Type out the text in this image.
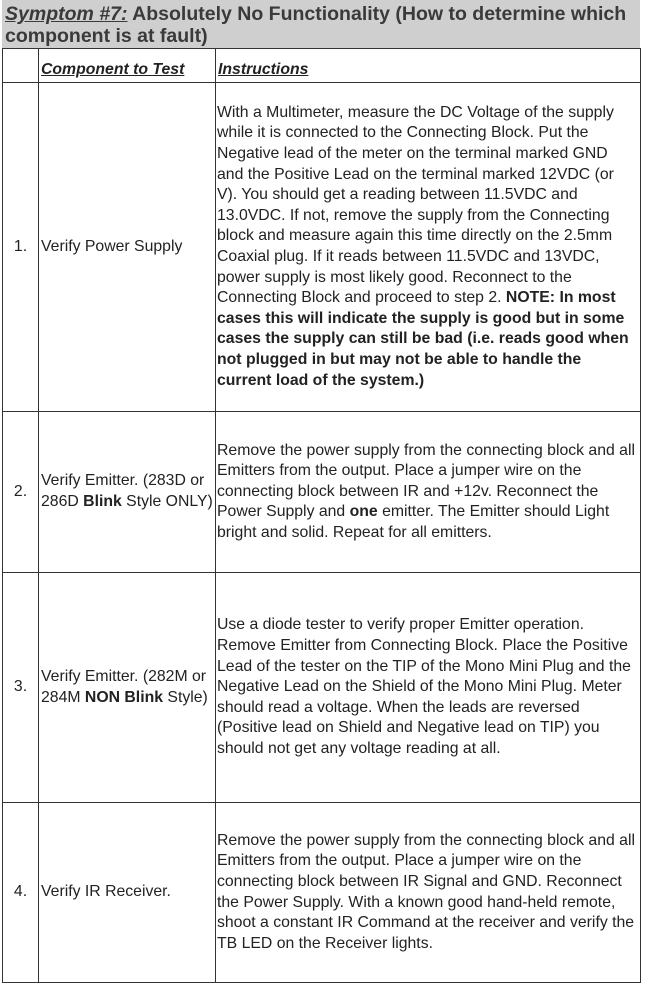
Symptom #7: Absolutely No Functionality (How to determine which component is at fault)
	Component to Test	Instructions
1.	Verify Power Supply	With a Multimeter, measure the DC Voltage of the supply while it is connected to the Connecting Block. Put the Negative lead of the meter on the terminal marked GND and the Positive Lead on the terminal marked 12VDC (or V). You should get a reading between 11.5VDC and 13.0VDC. If not, remove the supply from the Connecting block and measure again this time directly on the 2.5mm Coaxial plug. If it reads between 11.5VDC and 13VDC, power supply is most likely good. Reconnect to the Connecting Block and proceed to step 2. NOTE: In most cases this will indicate the supply is good but in some cases the supply can still be bad (i.e. reads good when not plugged in but may not be able to handle the current load of the system.)
2.	Verify Emitter. (283D or 286D Blink Style ONLY)	Remove the power supply from the connecting block and all Emitters from the output. Place a jumper wire on the connecting block between IR and +12v. Reconnect the Power Supply and one emitter. The Emitter should Light bright and solid. Repeat for all emitters.
3.	Verify Emitter. (282M or 284M NON Blink Style)	Use a diode tester to verify proper Emitter operation. Remove Emitter from Connecting Block. Place the Positive Lead of the tester on the TIP of the Mono Mini Plug and the Negative Lead on the Shield of the Mono Mini Plug. Meter should read a voltage. When the leads are reversed (Positive lead on Shield and Negative lead on TIP) you should not get any voltage reading at all.
4.	Verify IR Receiver.	Remove the power supply from the connecting block and all Emitters from the output. Place a jumper wire on the connecting block between IR Signal and GND. Reconnect the Power Supply. With a known good hand-held remote, shoot a constant IR Command at the receiver and verify the TB LED on the Receiver lights.
